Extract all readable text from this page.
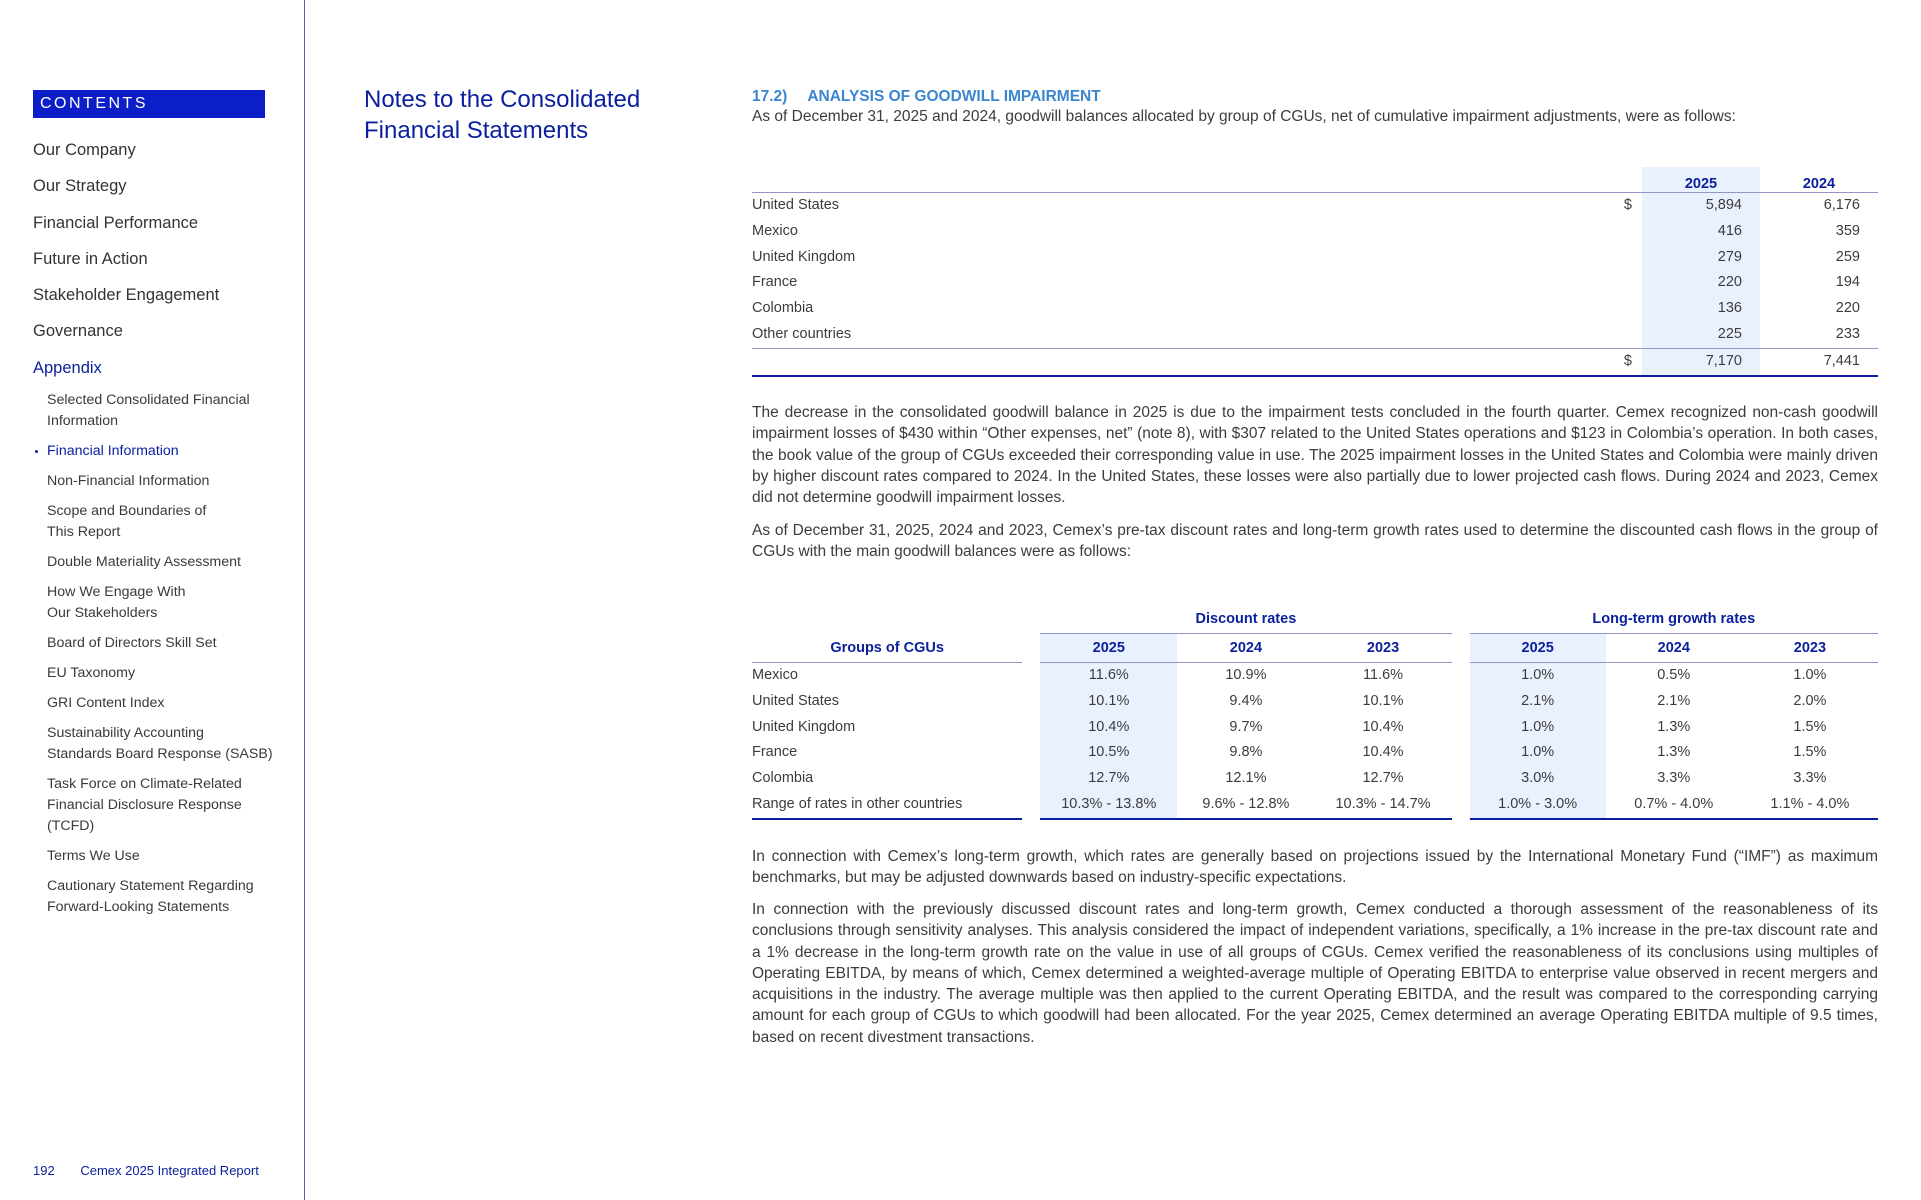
CONTENTS
Our Company
Our Strategy
Financial Performance
Future in Action
Stakeholder Engagement
Governance
Appendix
Selected Consolidated Financial
Information
Financial Information
Non-Financial Information
Scope and Boundaries of
This Report
Double Materiality Assessment
How We Engage With
Our Stakeholders
Board of Directors Skill Set
EU Taxonomy
GRI Content Index
Sustainability Accounting
Standards Board Response (SASB)
Task Force on Climate-Related
Financial Disclosure Response
(TCFD)
Terms We Use
Cautionary Statement Regarding
Forward-Looking Statements
192 Cemex 2025 Integrated Report
Notes to the Consolidated
Financial Statements
17.2) ANALYSIS OF GOODWILL IMPAIRMENT
As of December 31, 2025 and 2024, goodwill balances allocated by group of CGUs, net of cumulative impairment adjustments, were as follows:
		2025	2024
United States	$	5,894	6,176
Mexico		416	359
United Kingdom		279	259
France		220	194
Colombia		136	220
Other countries		225	233
	$	7,170	7,441

The decrease in the consolidated goodwill balance in 2025 is due to the impairment tests concluded in the fourth quarter. Cemex recognized non-cash goodwill impairment losses of $430 within “Other expenses, net” (note 8), with $307 related to the United States operations and $123 in Colombia’s operation. In both cases, the book value of the group of CGUs exceeded their corresponding value in use. The 2025 impairment losses in the United States and Colombia were mainly driven by higher discount rates compared to 2024. In the United States, these losses were also partially due to lower projected cash flows. During 2024 and 2023, Cemex did not determine goodwill impairment losses.

As of December 31, 2025, 2024 and 2023, Cemex’s pre-tax discount rates and long-term growth rates used to determine the discounted cash flows in the group of CGUs with the main goodwill balances were as follows:

		Discount rates				Long-term growth rates		
Groups of CGUs		2025	2024	2023		2025	2024	2023
Mexico		11.6%	10.9%	11.6%		1.0%	0.5%	1.0%
United States		10.1%	9.4%	10.1%		2.1%	2.1%	2.0%
United Kingdom		10.4%	9.7%	10.4%		1.0%	1.3%	1.5%
France		10.5%	9.8%	10.4%		1.0%	1.3%	1.5%
Colombia		12.7%	12.1%	12.7%		3.0%	3.3%	3.3%
Range of rates in other countries		10.3% - 13.8%	9.6% - 12.8%	10.3% - 14.7%		1.0% - 3.0%	0.7% - 4.0%	1.1% - 4.0%

In connection with Cemex’s long-term growth, which rates are generally based on projections issued by the International Monetary Fund (“IMF”) as maximum benchmarks, but may be adjusted downwards based on industry-specific expectations.

In connection with the previously discussed discount rates and long-term growth, Cemex conducted a thorough assessment of the reasonableness of its conclusions through sensitivity analyses. This analysis considered the impact of independent variations, specifically, a 1% increase in the pre-tax discount rate and a 1% decrease in the long-term growth rate on the value in use of all groups of CGUs. Cemex verified the reasonableness of its conclusions using multiples of Operating EBITDA, by means of which, Cemex determined a weighted-average multiple of Operating EBITDA to enterprise value observed in recent mergers and acquisitions in the industry. The average multiple was then applied to the current Operating EBITDA, and the result was compared to the corresponding carrying amount for each group of CGUs to which goodwill had been allocated. For the year 2025, Cemex determined an average Operating EBITDA multiple of 9.5 times, based on recent divestment transactions.
